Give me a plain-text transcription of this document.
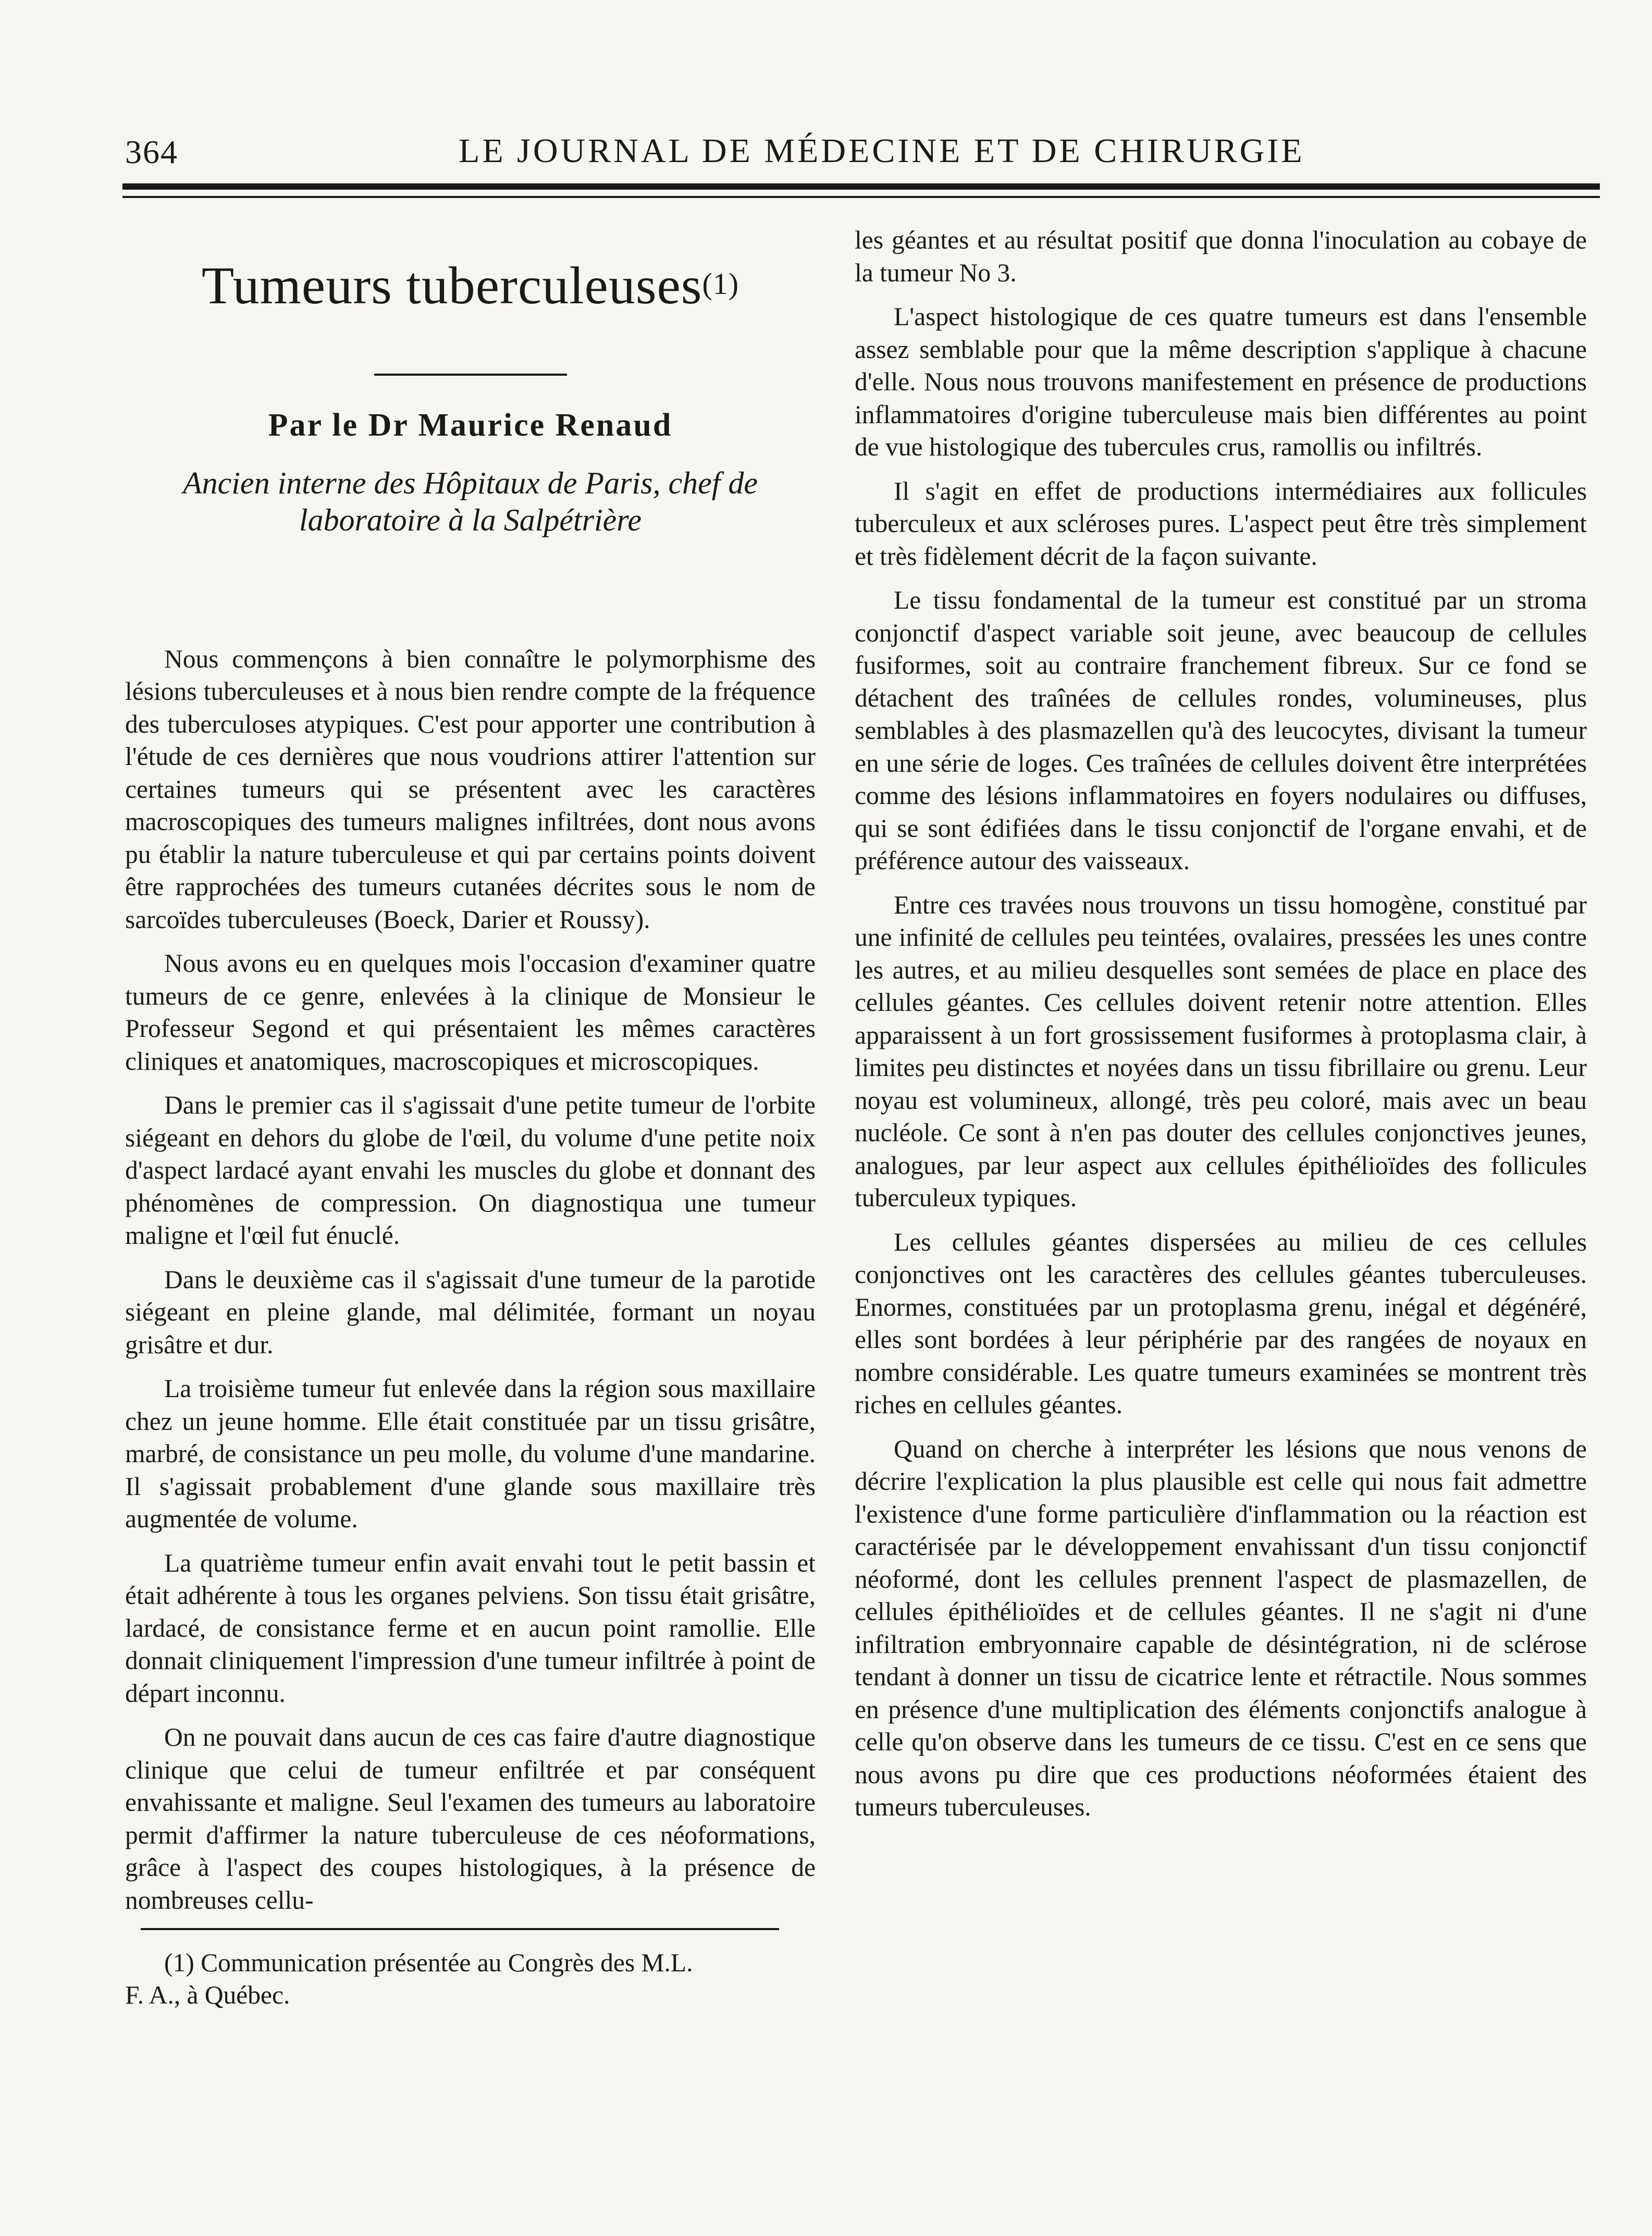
364	LE JOURNAL DE MÉDECINE ET DE CHIRURGIE
Tumeurs tuberculeuses$^{(1)}$
Par le Dr Maurice Renaud
Ancien interne des Hôpitaux de Paris, chef de laboratoire à la Salpétrière

Nous commençons à bien connaître le polymorphisme des lésions tuberculeuses et à nous bien rendre compte de la fréquence des tuberculoses atypiques. C'est pour apporter une contribution à l'étude de ces dernières que nous voudrions attirer l'attention sur certaines tumeurs qui se présentent avec les caractères macroscopiques des tumeurs malignes infiltrées, dont nous avons pu établir la nature tuberculeuse et qui par certains points doivent être rapprochées des tumeurs cutanées décrites sous le nom de sarcoïdes tuberculeuses (Boeck, Darier et Roussy).

Nous avons eu en quelques mois l'occasion d'examiner quatre tumeurs de ce genre, enlevées à la clinique de Monsieur le Professeur Segond et qui présentaient les mêmes caractères cliniques et anatomiques, macroscopiques et microscopiques.

Dans le premier cas il s'agissait d'une petite tumeur de l'orbite siégeant en dehors du globe de l'œil, du volume d'une petite noix d'aspect lardacé ayant envahi les muscles du globe et donnant des phénomènes de compression. On diagnostiqua une tumeur maligne et l'œil fut énuclé.

Dans le deuxième cas il s'agissait d'une tumeur de la parotide siégeant en pleine glande, mal délimitée, formant un noyau grisâtre et dur.

La troisième tumeur fut enlevée dans la région sous maxillaire chez un jeune homme. Elle était constituée par un tissu grisâtre, marbré, de consistance un peu molle, du volume d'une mandarine. Il s'agissait probablement d'une glande sous maxillaire très augmentée de volume.

La quatrième tumeur enfin avait envahi tout le petit bassin et était adhérente à tous les organes pelviens. Son tissu était grisâtre, lardacé, de consistance ferme et en aucun point ramollie. Elle donnait cliniquement l'impression d'une tumeur infiltrée à point de départ inconnu.

On ne pouvait dans aucun de ces cas faire d'autre diagnostique clinique que celui de tumeur enfiltrée et par conséquent envahissante et maligne. Seul l'examen des tumeurs au laboratoire permit d'affirmer la nature tuberculeuse de ces néoformations, grâce à l'aspect des coupes histologiques, à la présence de nombreuses cellu-

(1) Communication présentée au Congrès des M.L.
F. A., à Québec.

les géantes et au résultat positif que donna l'inoculation au cobaye de la tumeur No 3.

L'aspect histologique de ces quatre tumeurs est dans l'ensemble assez semblable pour que la même description s'applique à chacune d'elle. Nous nous trouvons manifestement en présence de productions inflammatoires d'origine tuberculeuse mais bien différentes au point de vue histologique des tubercules crus, ramollis ou infiltrés.

Il s'agit en effet de productions intermédiaires aux follicules tuberculeux et aux scléroses pures. L'aspect peut être très simplement et très fidèlement décrit de la façon suivante.

Le tissu fondamental de la tumeur est constitué par un stroma conjonctif d'aspect variable soit jeune, avec beaucoup de cellules fusiformes, soit au contraire franchement fibreux. Sur ce fond se détachent des traînées de cellules rondes, volumineuses, plus semblables à des plasmazellen qu'à des leucocytes, divisant la tumeur en une série de loges. Ces traînées de cellules doivent être interprétées comme des lésions inflammatoires en foyers nodulaires ou diffuses, qui se sont édifiées dans le tissu conjonctif de l'organe envahi, et de préférence autour des vaisseaux.

Entre ces travées nous trouvons un tissu homogène, constitué par une infinité de cellules peu teintées, ovalaires, pressées les unes contre les autres, et au milieu desquelles sont semées de place en place des cellules géantes. Ces cellules doivent retenir notre attention. Elles apparaissent à un fort grossissement fusiformes à protoplasma clair, à limites peu distinctes et noyées dans un tissu fibrillaire ou grenu. Leur noyau est volumineux, allongé, très peu coloré, mais avec un beau nucléole. Ce sont à n'en pas douter des cellules conjonctives jeunes, analogues, par leur aspect aux cellules épithélioïdes des follicules tuberculeux typiques.

Les cellules géantes dispersées au milieu de ces cellules conjonctives ont les caractères des cellules géantes tuberculeuses. Enormes, constituées par un protoplasma grenu, inégal et dégénéré, elles sont bordées à leur périphérie par des rangées de noyaux en nombre considérable. Les quatre tumeurs examinées se montrent très riches en cellules géantes.

Quand on cherche à interpréter les lésions que nous venons de décrire l'explication la plus plausible est celle qui nous fait admettre l'existence d'une forme particulière d'inflammation ou la réaction est caractérisée par le développement envahissant d'un tissu conjonctif néoformé, dont les cellules prennent l'aspect de plasmazellen, de cellules épithélioïdes et de cellules géantes. Il ne s'agit ni d'une infiltration embryonnaire capable de désintégration, ni de sclérose tendant à donner un tissu de cicatrice lente et rétractile. Nous sommes en présence d'une multiplication des éléments conjonctifs analogue à celle qu'on observe dans les tumeurs de ce tissu. C'est en ce sens que nous avons pu dire que ces productions néoformées étaient des tumeurs tuberculeuses.
